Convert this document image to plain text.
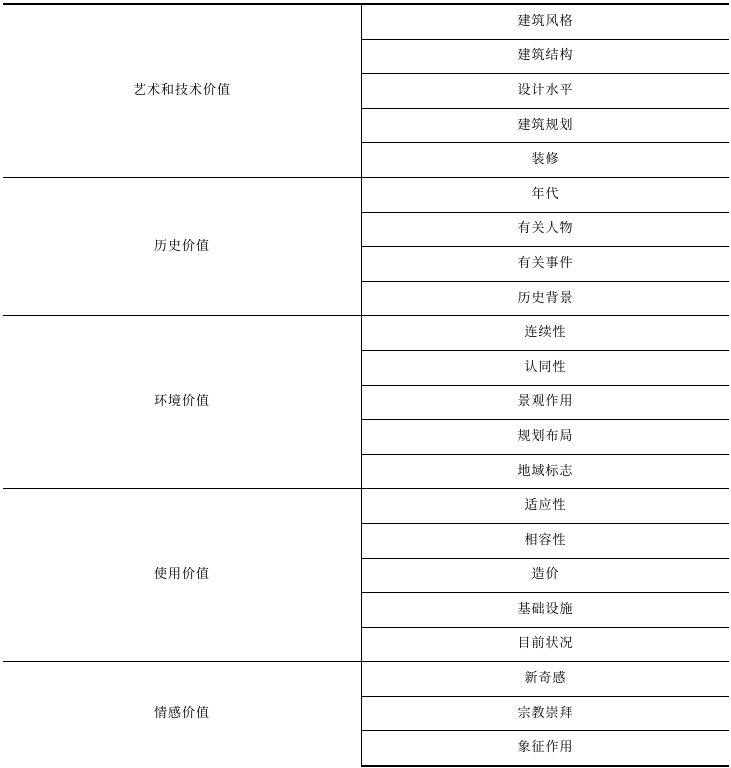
艺术和技术价值	建筑风格
	建筑结构
	设计水平
	建筑规划
	装修
历史价值	年代
	有关人物
	有关事件
	历史背景
环境价值	连续性
	认同性
	景观作用
	规划布局
	地域标志
使用价值	适应性
	相容性
	造价
	基础设施
	目前状况
情感价值	新奇感
	宗教崇拜
	象征作用
